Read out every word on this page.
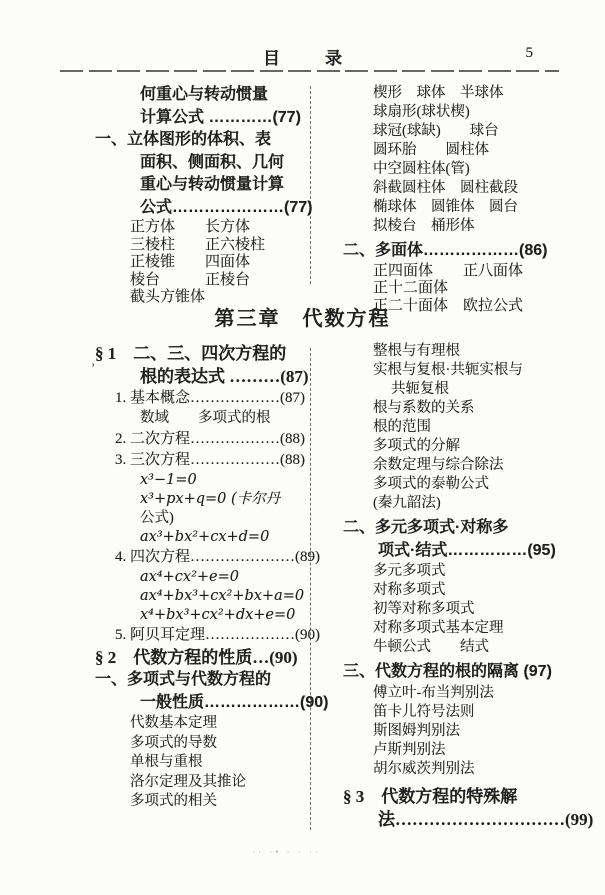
目　录	5
何重心与转动惯量
计算公式 …………(77)
一、立体图形的体积、表
面积、侧面积、几何
重心与转动惯量计算
公式…………………(77)
正方体　　长方体
三棱柱　　正六棱柱
正棱锥　　四面体
棱台　　　正棱台
截头方锥体
楔形　球体　半球体
球扇形(球状楔)
球冠(球缺)　　球台
圆环胎　　圆柱体
中空圆柱体(管)
斜截圆柱体　圆柱截段
椭球体　圆锥体　圆台
拟棱台　桶形体
二、多面体………………(86)
正四面体　　正八面体
正十二面体
正二十面体　欧拉公式
第三章　代数方程
’
§ 1　二、三、四次方程的
根的表达式 ………(87)
1. 基本概念………………(87)
数域　　多项式的根
2. 二次方程………………(88)
3. 三次方程………………(88)
x³−1=0
x³+px+q=0 (卡尔丹
公式)
ax³+bx²+cx+d=0
4. 四次方程…………………(89)
ax⁴+cx²+e=0
ax⁴+bx³+cx²+bx+a=0
x⁴+bx³+cx²+dx+e=0
5. 阿贝耳定理………………(90)
§ 2　代数方程的性质…(90)
一、多项式与代数方程的
一般性质………………(90)
代数基本定理
多项式的导数
单根与重根
洛尔定理及其推论
多项式的相关
整根与有理根
实根与复根·共轭实根与
共轭复根
根与系数的关系
根的范围
多项式的分解
余数定理与综合除法
多项式的泰勒公式
(秦九韶法)
二、多元多项式·对称多
项式·结式……………(95)
多元多项式
对称多项式
初等对称多项式
对称多项式基本定理
牛顿公式　　结式
三、代数方程的根的隔离 (97)
傅立叶-布当判别法
笛卡儿符号法则
斯图姆判别法
卢斯判别法
胡尔威茨判别法
§ 3　代数方程的特殊解
法…………………………(99)
·· ·• · · ··
